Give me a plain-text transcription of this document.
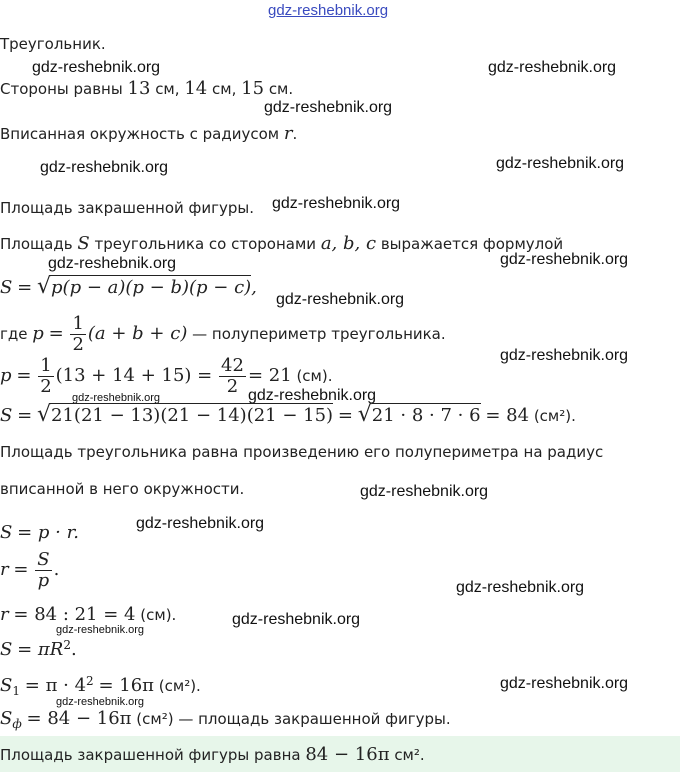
gdz-reshebnik.org
gdz-reshebnik.org	gdz-reshebnik.org
gdz-reshebnik.org
gdz-reshebnik.org	gdz-reshebnik.org
gdz-reshebnik.org
gdz-reshebnik.org	gdz-reshebnik.org
gdz-reshebnik.org
gdz-reshebnik.org
gdz-reshebnik.org	gdz-reshebnik.org
gdz-reshebnik.org
gdz-reshebnik.org
gdz-reshebnik.org
gdz-reshebnik.org
gdz-reshebnik.org
gdz-reshebnik.org
gdz-reshebnik.org
Треугольник.
Стороны равны 13 см, 14 см, 15 см.
Вписанная окружность с радиусом r.
Площадь закрашенной фигуры.
Площадь S треугольника со сторонами a, b, c выражается формулой
S = √p(p − a)(p − b)(p − c),
где $p = \frac{1}{2} (a + b + c)$ — полупериметр треугольника.
$p = \frac{1}{2} (13 + 14 + 15) = \frac{42}{2} = 21$ (см).
S = √21(21 − 13)(21 − 14)(21 − 15) = √21 · 8 · 7 · 6 = 84 (см²).
Площадь треугольника равна произведению его полупериметра на радиус
вписанной в него окружности.
S = p · r.
$r = \frac{S}{p}$ .
r = 84 : 21 = 4 (см).
$S = \pi R^2$.
$S_1 = \pi \cdot 4^2 = 16\pi$ (см²).
$S_ф = 84 - 16\pi$ (см²) — площадь закрашенной фигуры.
Площадь закрашенной фигуры равна 84 − 16π см².
